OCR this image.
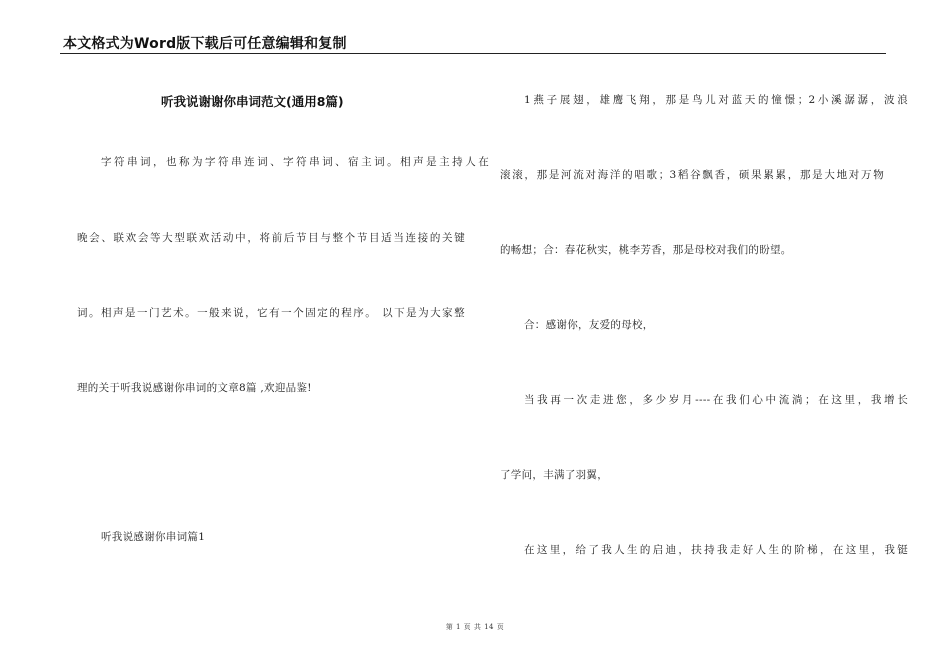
本文格式为Word版下载后可任意编辑和复制
听我说谢谢你串词范文(通用8篇)
字符串词，也称为字符串连词、字符串词、宿主词。相声是主持人在
晚会、联欢会等大型联欢活动中，将前后节目与整个节目适当连接的关键
词。相声是一门艺术。一般来说，它有一个固定的程序。 以下是为大家整
理的关于听我说感谢你串词的文章8篇 ,欢迎品鉴!
听我说感谢你串词篇1
1燕子展翅，雄鹰飞翔，那是鸟儿对蓝天的憧憬；2小溪潺潺，波浪
滚滚，那是河流对海洋的唱歌；3稻谷飘香，硕果累累，那是大地对万物
的畅想；合：春花秋实，桃李芳香，那是母校对我们的盼望。
合：感谢你，友爱的母校，
当我再一次走进您，多少岁月----在我们心中流淌；在这里，我增长
了学问，丰满了羽翼，
在这里，给了我人生的启迪，扶持我走好人生的阶梯，在这里，我铤
第 1 页 共 14 页
